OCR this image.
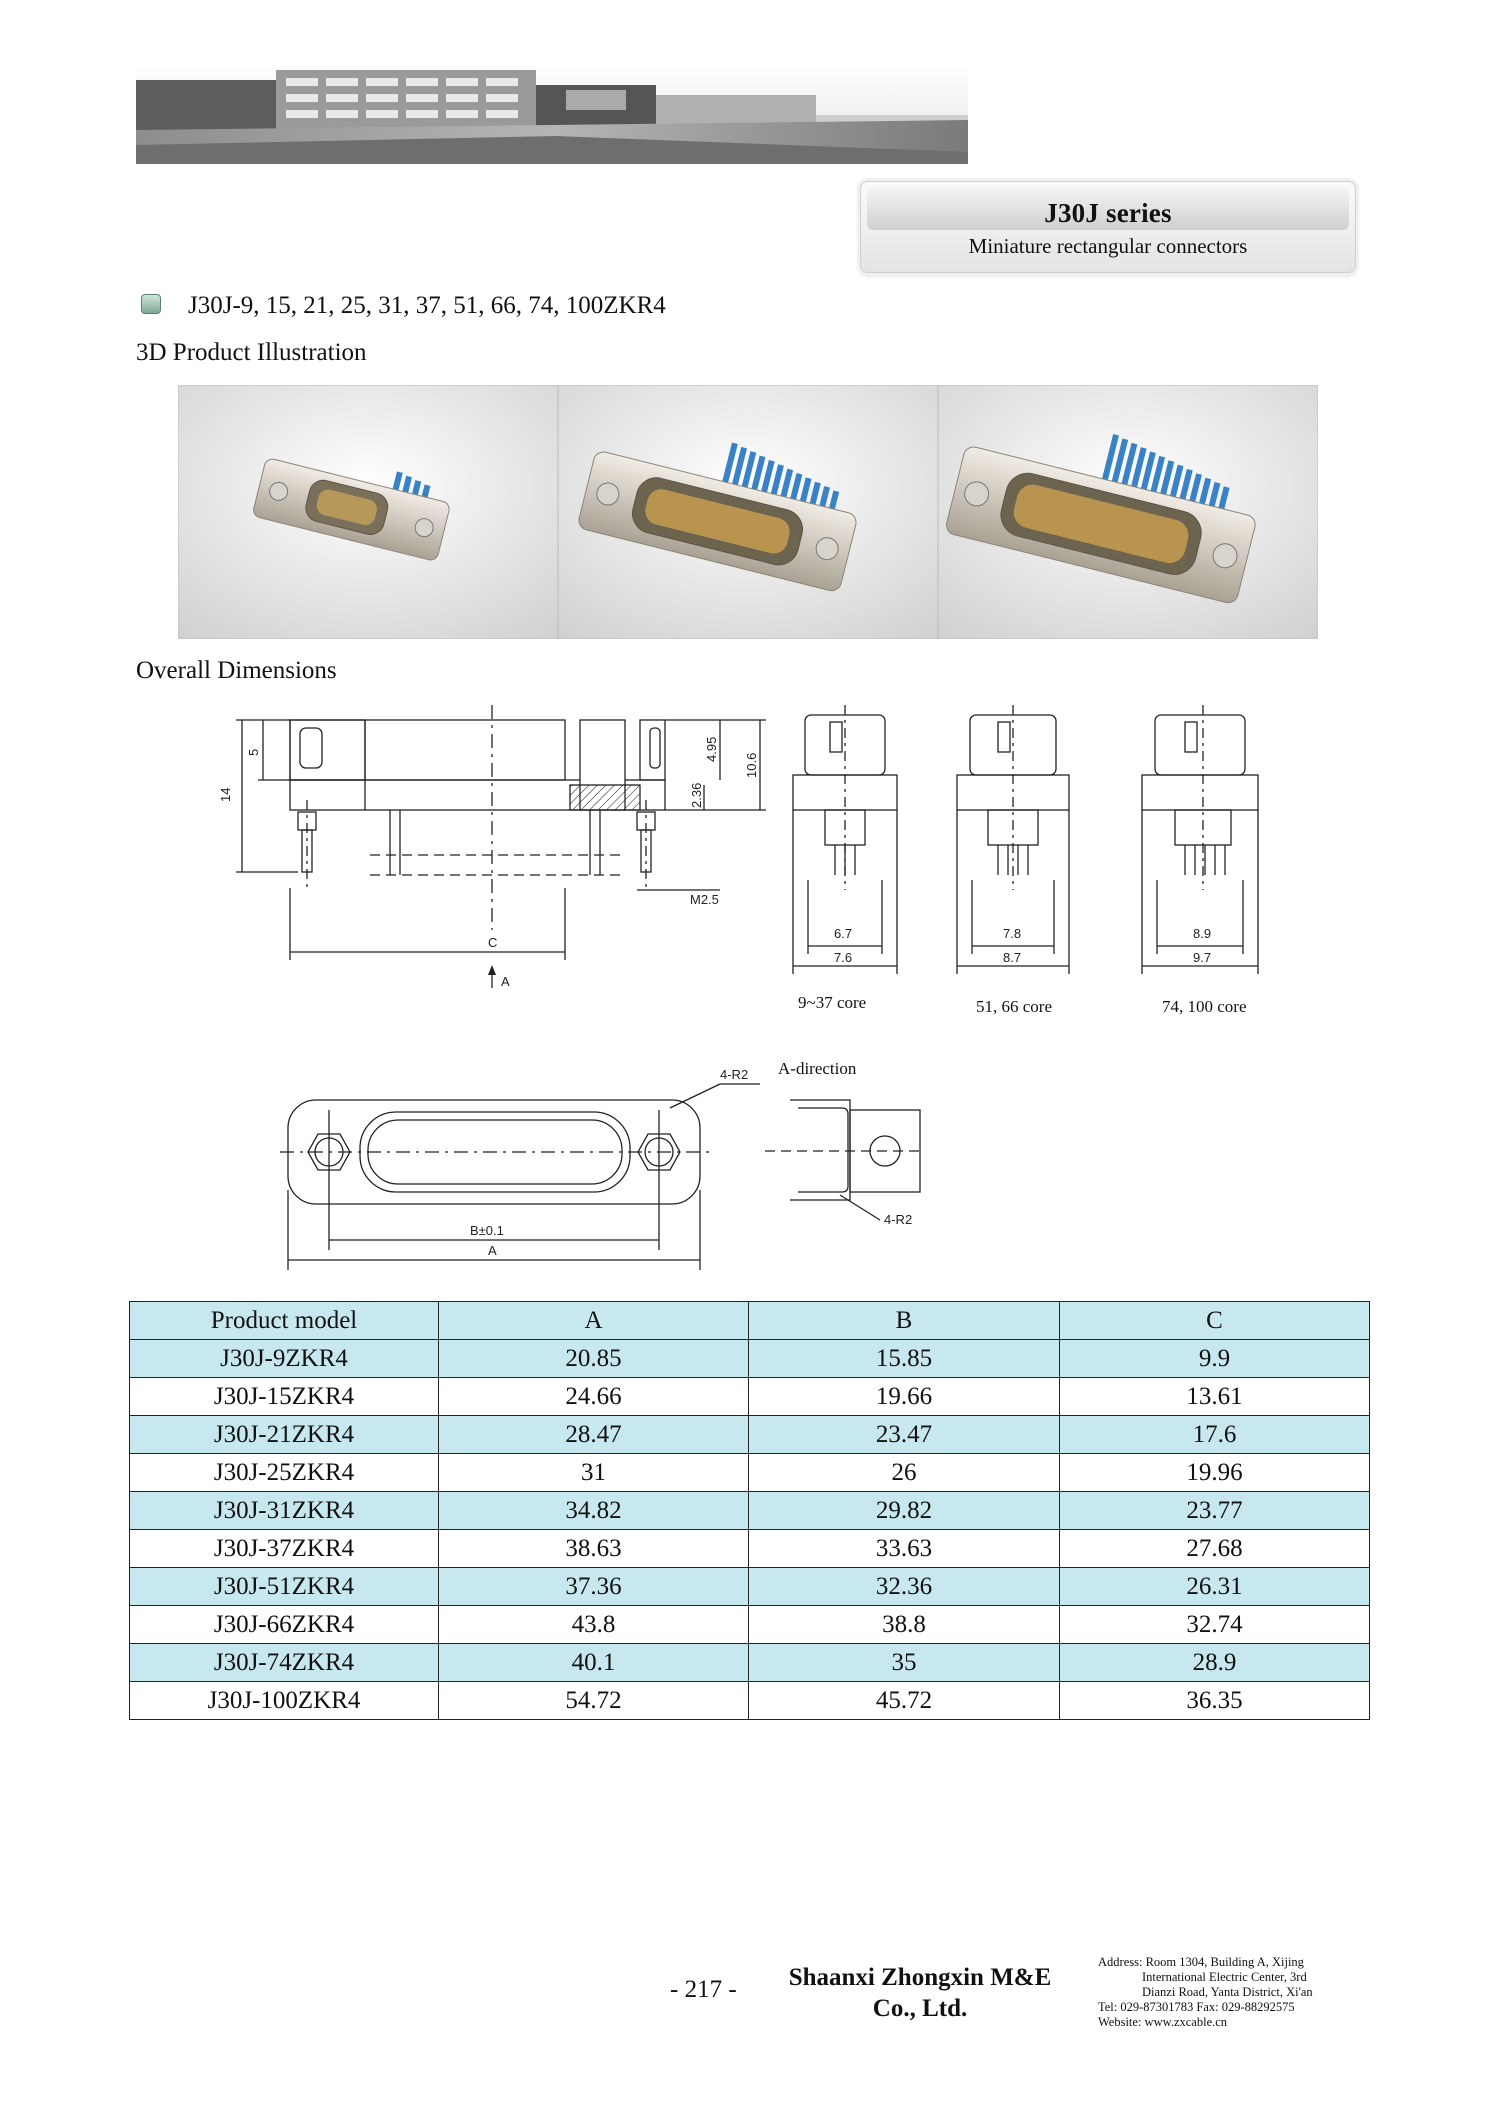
J30J series
Miniature rectangular connectors
J30J-9, 15, 21, 25, 31, 37, 51, 66, 74, 100ZKR4
3D Product Illustration
Overall Dimensions
14
5	4.95
2.36
10.6
M2.5
C
A
6.7
7.6
9~37 core
7.8
8.7
51, 66 core
8.9
9.7
74, 100 core
4-R2
B±0.1
A
A-direction
4-R2
Product model	A	B	C
J30J-9ZKR4	20.85	15.85	9.9
J30J-15ZKR4	24.66	19.66	13.61
J30J-21ZKR4	28.47	23.47	17.6
J30J-25ZKR4	31	26	19.96
J30J-31ZKR4	34.82	29.82	23.77
J30J-37ZKR4	38.63	33.63	27.68
J30J-51ZKR4	37.36	32.36	26.31
J30J-66ZKR4	43.8	38.8	32.74
J30J-74ZKR4	40.1	35	28.9
J30J-100ZKR4	54.72	45.72	36.35
- 217 -	Shaanxi Zhongxin M&E
Co., Ltd.
Address: Room 1304, Building A, Xijing
International Electric Center, 3rd
Dianzi Road, Yanta District, Xi'an
Tel: 029-87301783 Fax: 029-88292575
Website: www.zxcable.cn
